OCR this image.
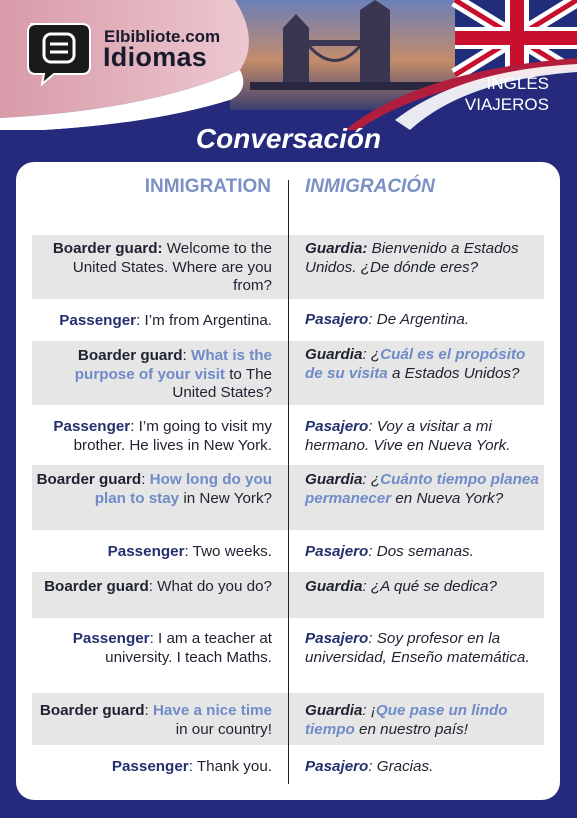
Elbibliote.com
Idiomas
INGLÉS
VIAJEROS
Conversación
INMIGRATION INMIGRACIÓN
Boarder guard: Welcome to the United States. Where are you from?
Guardia: Bienvenido a Estados Unidos. ¿De dónde eres?
Passenger: I’m from Argentina. Pasajero: De Argentina.
Boarder guard: What is the purpose of your visit to The United States?
Guardia: ¿Cuál es el propósito de su visita a Estados Unidos?
Passenger: I’m going to visit my brother. He lives in New York.
Pasajero: Voy a visitar a mi hermano. Vive en Nueva York.
Boarder guard: How long do you plan to stay in New York?
Guardia: ¿Cuánto tiempo planea permanecer en Nueva York?
Passenger: Two weeks. Pasajero: Dos semanas.
Boarder guard: What do you do? Guardia: ¿A qué se dedica?
Passenger: I am a teacher at university. I teach Maths.
Pasajero: Soy profesor en la universidad, Enseño matemática.
Boarder guard: Have a nice time in our country!
Guardia: ¡Que pase un lindo tiempo en nuestro país!
Passenger: Thank you. Pasajero: Gracias.
